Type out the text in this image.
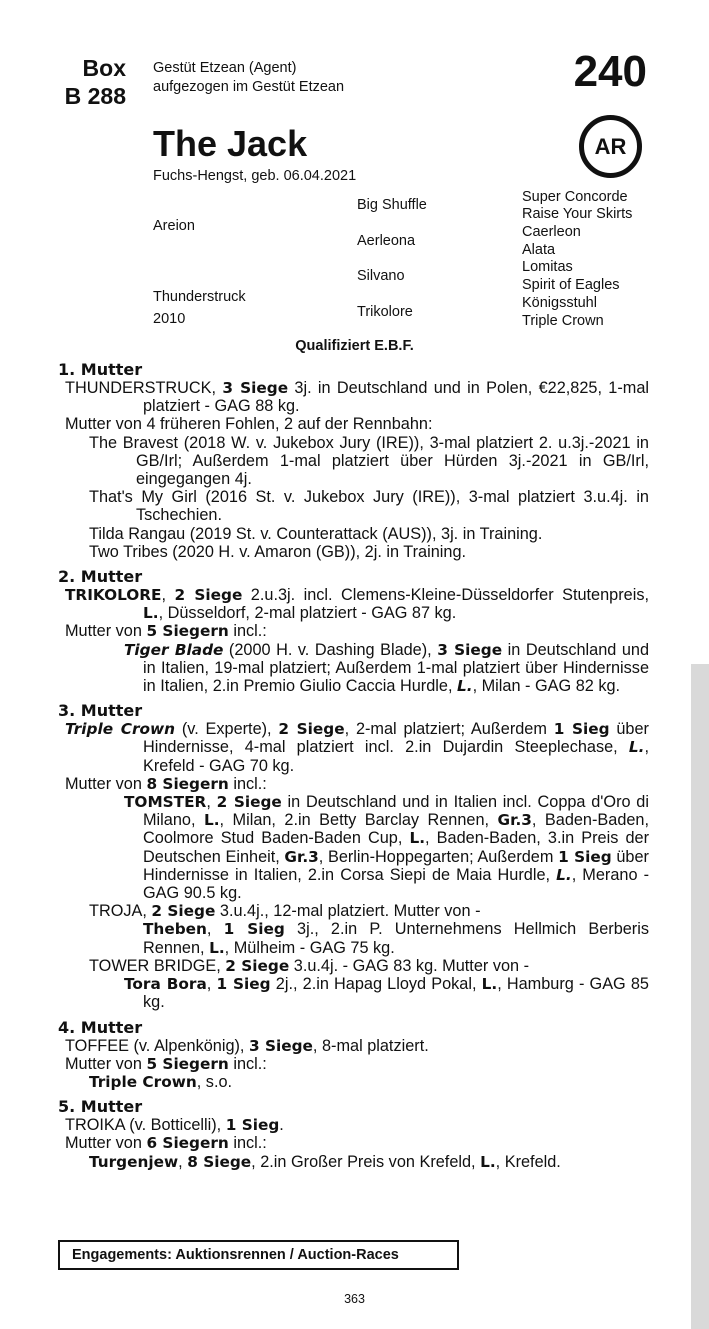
Box
B 288
Gestüt Etzean (Agent)
aufgezogen im Gestüt Etzean	240
The Jack	AR
Fuchs-Hengst, geb. 06.04.2021
Areion
Thunderstruck
2010
Big Shuffle
Aerleona
Silvano
Trikolore
Super Concorde
Raise Your Skirts
Caerleon
Alata
Lomitas
Spirit of Eagles
Königsstuhl
Triple Crown
Qualifiziert E.B.F.
1. Mutter
THUNDERSTRUCK, 3 Siege 3j. in Deutschland und in Polen, €22,825, 1-mal platziert - GAG 88 kg.
Mutter von 4 früheren Fohlen, 2 auf der Rennbahn:
The Bravest (2018 W. v. Jukebox Jury (IRE)), 3-mal platziert 2. u.3j.-2021 in GB/Irl; Außerdem 1-mal platziert über Hürden 3j.-2021 in GB/Irl, eingegangen 4j.
That's My Girl (2016 St. v. Jukebox Jury (IRE)), 3-mal platziert 3.u.4j. in Tschechien.
Tilda Rangau (2019 St. v. Counterattack (AUS)), 3j. in Training.
Two Tribes (2020 H. v. Amaron (GB)), 2j. in Training.
2. Mutter
TRIKOLORE, 2 Siege 2.u.3j. incl. Clemens-Kleine-Düsseldorfer Stutenpreis, L., Düsseldorf, 2-mal platziert - GAG 87 kg.
Mutter von 5 Siegern incl.:
Tiger Blade (2000 H. v. Dashing Blade), 3 Siege in Deutschland und in Italien, 19-mal platziert; Außerdem 1-mal platziert über Hindernisse in Italien, 2.in Premio Giulio Caccia Hurdle, L., Milan - GAG 82 kg.
3. Mutter
Triple Crown (v. Experte), 2 Siege, 2-mal platziert; Außerdem 1 Sieg über Hindernisse, 4-mal platziert incl. 2.in Dujardin Steeplechase, L., Krefeld - GAG 70 kg.
Mutter von 8 Siegern incl.:
TOMSTER, 2 Siege in Deutschland und in Italien incl. Coppa d'Oro di Milano, L., Milan, 2.in Betty Barclay Rennen, Gr.3, Baden-Baden, Coolmore Stud Baden-Baden Cup, L., Baden-Baden, 3.in Preis der Deutschen Einheit, Gr.3, Berlin-Hoppegarten; Außerdem 1 Sieg über Hindernisse in Italien, 2.in Corsa Siepi de Maia Hurdle, L., Merano - GAG 90.5 kg.
TROJA, 2 Siege 3.u.4j., 12-mal platziert. Mutter von -
Theben, 1 Sieg 3j., 2.in P. Unternehmens Hellmich Berberis Rennen, L., Mülheim - GAG 75 kg.
TOWER BRIDGE, 2 Siege 3.u.4j. - GAG 83 kg. Mutter von -
Tora Bora, 1 Sieg 2j., 2.in Hapag Lloyd Pokal, L., Hamburg - GAG 85 kg.
4. Mutter
TOFFEE (v. Alpenkönig), 3 Siege, 8-mal platziert.
Mutter von 5 Siegern incl.:
Triple Crown, s.o.
5. Mutter
TROIKA (v. Botticelli), 1 Sieg.
Mutter von 6 Siegern incl.:
Turgenjew, 8 Siege, 2.in Großer Preis von Krefeld, L., Krefeld.
Engagements: Auktionsrennen / Auction-Races
363
